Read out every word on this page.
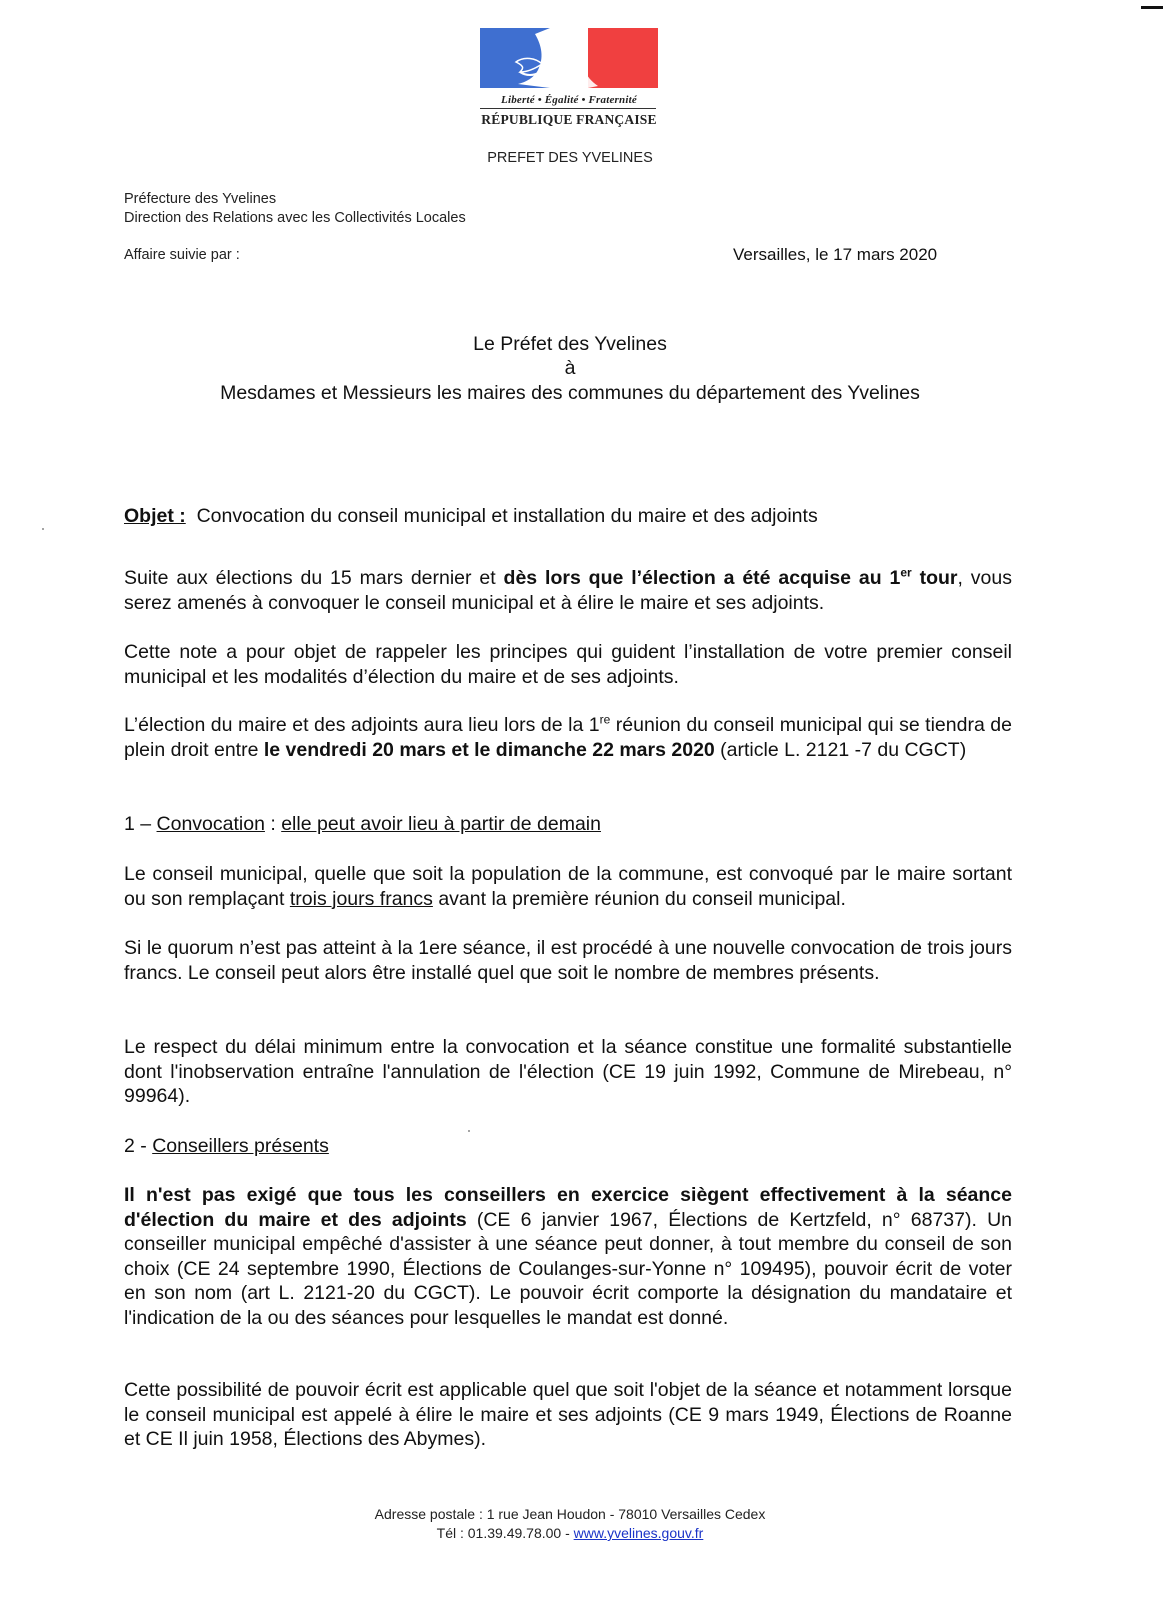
Liberté • Égalité • Fraternité
RÉPUBLIQUE FRANÇAISE
PREFET DES YVELINES
Préfecture des Yvelines
Direction des Relations avec les Collectivités Locales
Affaire suivie par :	Versailles, le 17 mars 2020
Le Préfet des Yvelines
à
Mesdames et Messieurs les maires des communes du département des Yvelines
Objet : Convocation du conseil municipal et installation du maire et des adjoints
Suite aux élections du 15 mars dernier et dès lors que l’élection a été acquise au 1er tour, vous serez amenés à convoquer le conseil municipal et à élire le maire et ses adjoints.
Cette note a pour objet de rappeler les principes qui guident l’installation de votre premier conseil municipal et les modalités d’élection du maire et de ses adjoints.
L’élection du maire et des adjoints aura lieu lors de la 1re réunion du conseil municipal qui se tiendra de plein droit entre le vendredi 20 mars et le dimanche 22 mars 2020 (article L. 2121 -7 du CGCT)
1 – Convocation : elle peut avoir lieu à partir de demain
Le conseil municipal, quelle que soit la population de la commune, est convoqué par le maire sortant ou son remplaçant trois jours francs avant la première réunion du conseil municipal.
Si le quorum n’est pas atteint à la 1ere séance, il est procédé à une nouvelle convocation de trois jours francs. Le conseil peut alors être installé quel que soit le nombre de membres présents.
Le respect du délai minimum entre la convocation et la séance constitue une formalité substantielle dont l'inobservation entraîne l'annulation de l'élection (CE 19 juin 1992, Commune de Mirebeau, n° 99964).
2 - Conseillers présents
Il n'est pas exigé que tous les conseillers en exercice siègent effectivement à la séance d'élection du maire et des adjoints (CE 6 janvier 1967, Élections de Kertzfeld, n° 68737). Un conseiller municipal empêché d'assister à une séance peut donner, à tout membre du conseil de son choix (CE 24 septembre 1990, Élections de Coulanges-sur-Yonne n° 109495), pouvoir écrit de voter en son nom (art L. 2121-20 du CGCT). Le pouvoir écrit comporte la désignation du mandataire et l'indication de la ou des séances pour lesquelles le mandat est donné.
Cette possibilité de pouvoir écrit est applicable quel que soit l'objet de la séance et notamment lorsque le conseil municipal est appelé à élire le maire et ses adjoints (CE 9 mars 1949, Élections de Roanne et CE Il juin 1958, Élections des Abymes).
Adresse postale : 1 rue Jean Houdon - 78010 Versailles Cedex
Tél : 01.39.49.78.00 - www.yvelines.gouv.fr
